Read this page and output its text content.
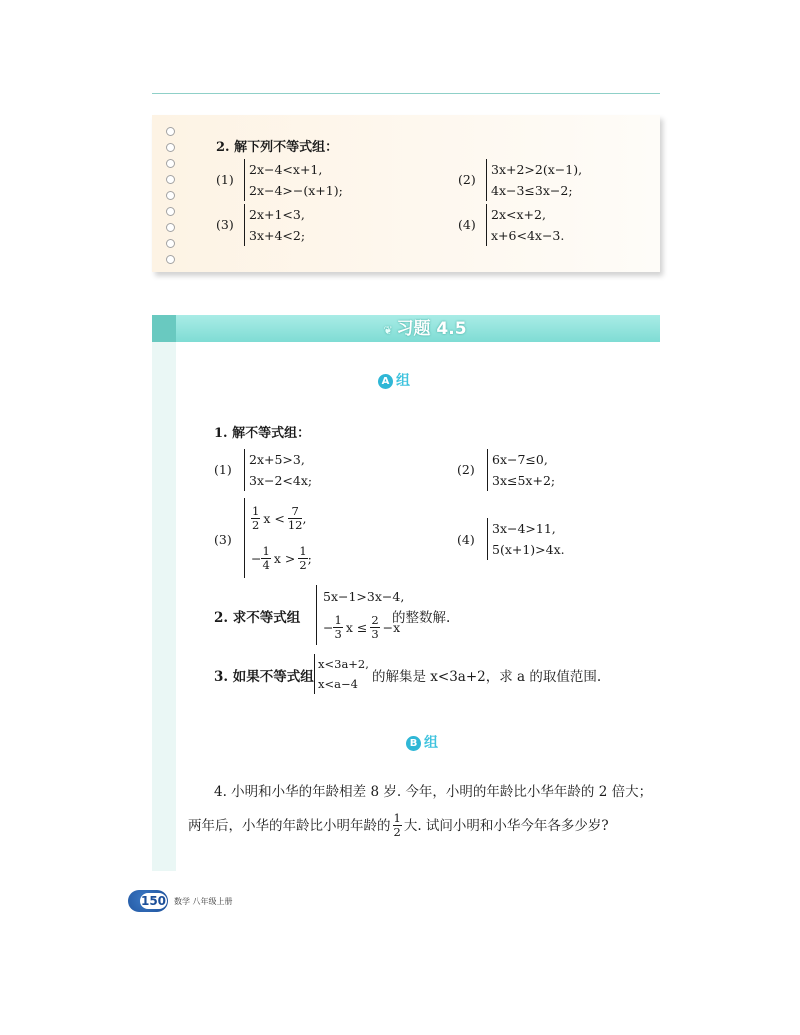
2. 解下列不等式组：
(1)
2x−4<x+1,
2x−4>−(x+1);
(2)
3x+2>2(x−1),
4x−3≤3x−2;
(3)
2x+1<3,
3x+4<2;
(4)
2x<x+2,
x+6<4x−3.
❦ 习题 4.5
A 组
1. 解不等式组：
(1)
2x+5>3,
3x−2<4x;
(2)
6x−7≤0,
3x≤5x+2;
(3)
$\frac{1}{2}$ $x < \frac{7}{12}$ ,
− $\frac{1}{4}$ $x > \frac{1}{2}$ ;
(4)
3x−4>11,
5(x+1)>4x.
2. 求不等式组
5x−1>3x−4,
− $\frac{1}{3}$ $x \le \frac{2}{3} -x$
的整数解.
3. 如果不等式组
x<3a+2,
x<a−4	的解集是 x<3a+2，求 a 的取值范围.
B 组
4. 小明和小华的年龄相差 8 岁. 今年，小明的年龄比小华年龄的 2 倍大；
两年后，小华的年龄比小明年龄的 $\frac{1}{2}$ 大. 试问小明和小华今年各多少岁?
150 数学 八年级上册
